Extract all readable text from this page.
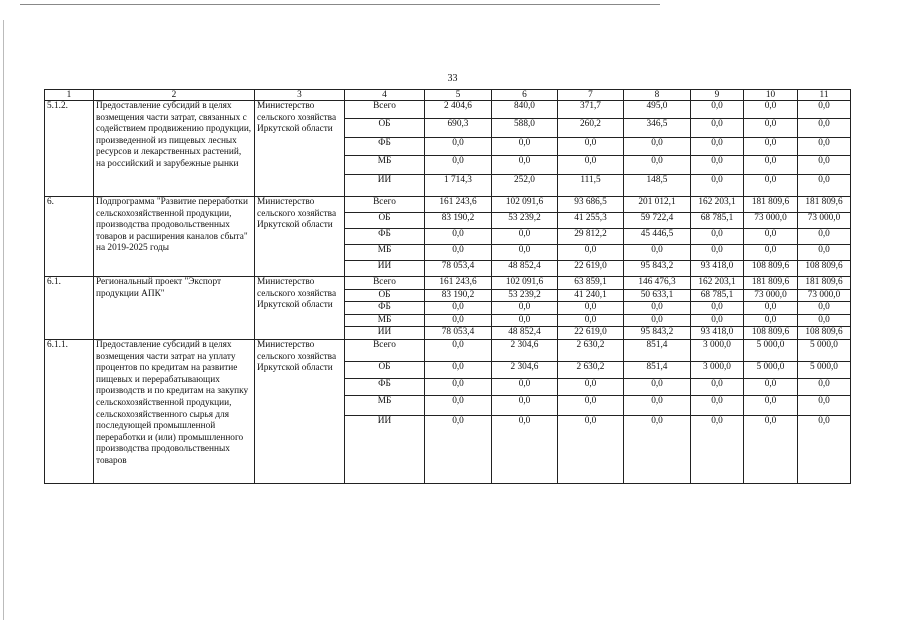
33
1	2	3	4	5	6	7	8	9	10	11
5.1.2.	Предоставление субсидий в целях возмещения части затрат, связанных с содействием продвижению продукции, произведенной из пищевых лесных ресурсов и лекарственных растений, на российский и зарубежные рынки	Министерство сельского хозяйства Иркутской области	Всего	2 404,6	840,0	371,7	495,0	0,0	0,0	0,0
			ОБ	690,3	588,0	260,2	346,5	0,0	0,0	0,0
			ФБ	0,0	0,0	0,0	0,0	0,0	0,0	0,0
			МБ	0,0	0,0	0,0	0,0	0,0	0,0	0,0
			ИИ	1 714,3	252,0	111,5	148,5	0,0	0,0	0,0
6.	Подпрограмма "Развитие переработки сельскохозяйственной продукции, производства продовольственных товаров и расширения каналов сбыта" на 2019-2025 годы	Министерство сельского хозяйства Иркутской области	Всего	161 243,6	102 091,6	93 686,5	201 012,1	162 203,1	181 809,6	181 809,6
			ОБ	83 190,2	53 239,2	41 255,3	59 722,4	68 785,1	73 000,0	73 000,0
			ФБ	0,0	0,0	29 812,2	45 446,5	0,0	0,0	0,0
			МБ	0,0	0,0	0,0	0,0	0,0	0,0	0,0
			ИИ	78 053,4	48 852,4	22 619,0	95 843,2	93 418,0	108 809,6	108 809,6
6.1.	Региональный проект "Экспорт продукции АПК"	Министерство сельского хозяйства Иркутской области	Всего	161 243,6	102 091,6	63 859,1	146 476,3	162 203,1	181 809,6	181 809,6
			ОБ	83 190,2	53 239,2	41 240,1	50 633,1	68 785,1	73 000,0	73 000,0
			ФБ	0,0	0,0	0,0	0,0	0,0	0,0	0,0
			МБ	0,0	0,0	0,0	0,0	0,0	0,0	0,0
			ИИ	78 053,4	48 852,4	22 619,0	95 843,2	93 418,0	108 809,6	108 809,6
6.1.1.	Предоставление субсидий в целях возмещения части затрат на уплату процентов по кредитам на развитие пищевых и перерабатывающих производств и по кредитам на закупку сельскохозяйственной продукции, сельскохозяйственного сырья для последующей промышленной переработки и (или) промышленного производства продовольственных товаров	Министерство сельского хозяйства Иркутской области	Всего	0,0	2 304,6	2 630,2	851,4	3 000,0	5 000,0	5 000,0
			ОБ	0,0	2 304,6	2 630,2	851,4	3 000,0	5 000,0	5 000,0
			ФБ	0,0	0,0	0,0	0,0	0,0	0,0	0,0
			МБ	0,0	0,0	0,0	0,0	0,0	0,0	0,0
			ИИ	0,0	0,0	0,0	0,0	0,0	0,0	0,0
